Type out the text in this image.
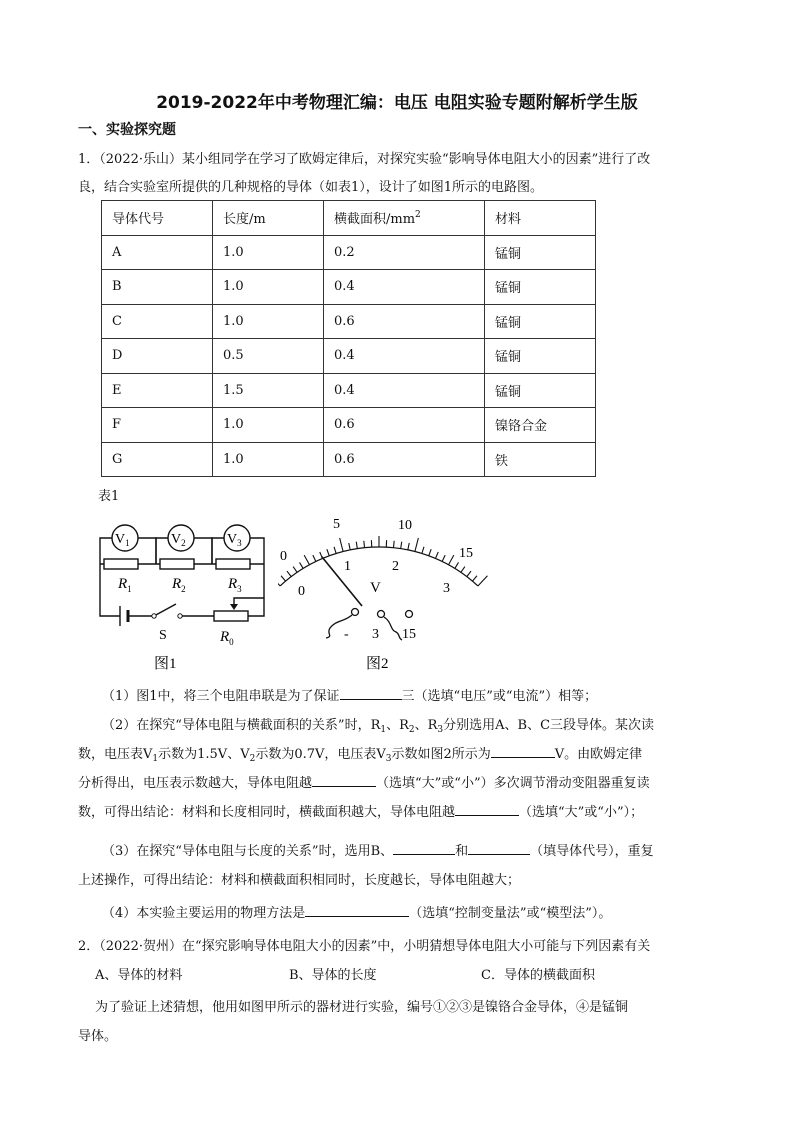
2019-2022年中考物理汇编：电压 电阻实验专题附解析学生版
一、实验探究题
1．（2022·乐山）某小组同学在学习了欧姆定律后，对探究实验“影响导体电阻大小的因素”进行了改
良，结合实验室所提供的几种规格的导体（如表1），设计了如图1所示的电路图。
导体代号	长度/m	横截面积$/mm^2$	材料
A	1.0	0.2	锰铜
B	1.0	0.4	锰铜
C	1.0	0.6	锰铜
D	0.5	0.4	锰铜
E	1.5	0.4	锰铜
F	1.0	0.6	镍铬合金
G	1.0	0.6	铁
表1
$V_1$	$V_2$	$V_3$
$R_1$	$R_2$	$R_3$
S	$R_0$
图1
0
5	10
15
0
1	2
3
V
- 3 15
图2
（1）图1中，将三个电阻串联是为了保证	三（选填“电压”或“电流”）相等；
（2）在探究“导体电阻与横截面积的关系”时，$R_1$、$R_2$、$R_3$分别选用A、B、C三段导体。某次读
数，电压表$V_1$示数为1.5V、$V_2$示数为0.7V，电压表$V_3$示数如图2所示为	V。由欧姆定律
分析得出，电压表示数越大，导体电阻越	（选填“大”或“小”）多次调节滑动变阻器重复读
数，可得出结论：材料和长度相同时，横截面积越大，导体电阻越	（选填“大”或“小”）；
（3）在探究“导体电阻与长度的关系”时，选用B、	和	（填导体代号），重复
上述操作，可得出结论：材料和横截面积相同时，长度越长，导体电阻越大；
（4）本实验主要运用的物理方法是	（选填“控制变量法”或“模型法”）。
2．（2022·贺州）在“探究影响导体电阻大小的因素”中，小明猜想导体电阻大小可能与下列因素有关
A、导体的材料	B、导体的长度	C．导体的横截面积
为了验证上述猜想，他用如图甲所示的器材进行实验，编号①②③是镍铬合金导体，④是锰铜
导体。
